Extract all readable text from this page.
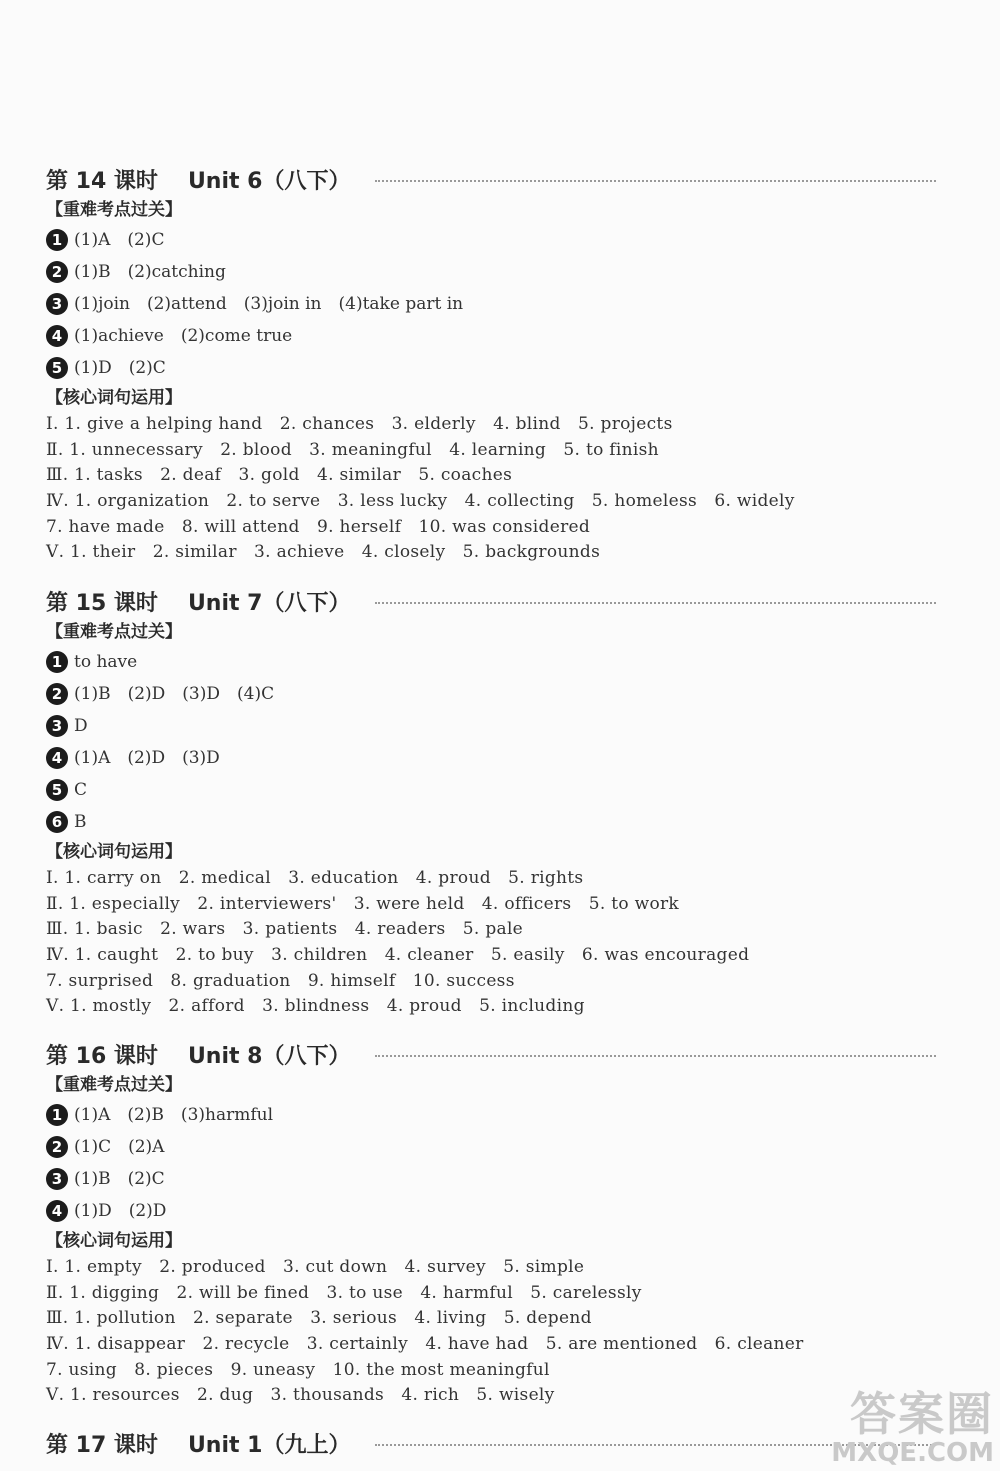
第 14 课时 Unit 6（八下）
【重难考点过关】
1 (1)A　(2)C
2 (1)B　(2)catching
3 (1)join　(2)attend　(3)join in　(4)take part in
4 (1)achieve　(2)come true
5 (1)D　(2)C
【核心词句运用】
Ⅰ. 1. give a helping hand　2. chances　3. elderly　4. blind　5. projects
Ⅱ. 1. unnecessary　2. blood　3. meaningful　4. learning　5. to finish
Ⅲ. 1. tasks　2. deaf　3. gold　4. similar　5. coaches
Ⅳ. 1. organization　2. to serve　3. less lucky　4. collecting　5. homeless　6. widely
7. have made　8. will attend　9. herself　10. was considered
Ⅴ. 1. their　2. similar　3. achieve　4. closely　5. backgrounds
第 15 课时 Unit 7（八下）
【重难考点过关】
1 to have
2 (1)B　(2)D　(3)D　(4)C
3 D
4 (1)A　(2)D　(3)D
5 C
6 B
【核心词句运用】
Ⅰ. 1. carry on　2. medical　3. education　4. proud　5. rights
Ⅱ. 1. especially　2. interviewers'　3. were held　4. officers　5. to work
Ⅲ. 1. basic　2. wars　3. patients　4. readers　5. pale
Ⅳ. 1. caught　2. to buy　3. children　4. cleaner　5. easily　6. was encouraged
7. surprised　8. graduation　9. himself　10. success
Ⅴ. 1. mostly　2. afford　3. blindness　4. proud　5. including
第 16 课时 Unit 8（八下）
【重难考点过关】
1 (1)A　(2)B　(3)harmful
2 (1)C　(2)A
3 (1)B　(2)C
4 (1)D　(2)D
【核心词句运用】
Ⅰ. 1. empty　2. produced　3. cut down　4. survey　5. simple
Ⅱ. 1. digging　2. will be fined　3. to use　4. harmful　5. carelessly
Ⅲ. 1. pollution　2. separate　3. serious　4. living　5. depend
Ⅳ. 1. disappear　2. recycle　3. certainly　4. have had　5. are mentioned　6. cleaner
7. using　8. pieces　9. uneasy　10. the most meaningful
Ⅴ. 1. resources　2. dug　3. thousands　4. rich　5. wisely
第 17 课时 Unit 1（九上）
答案圈
MXQE.COM
